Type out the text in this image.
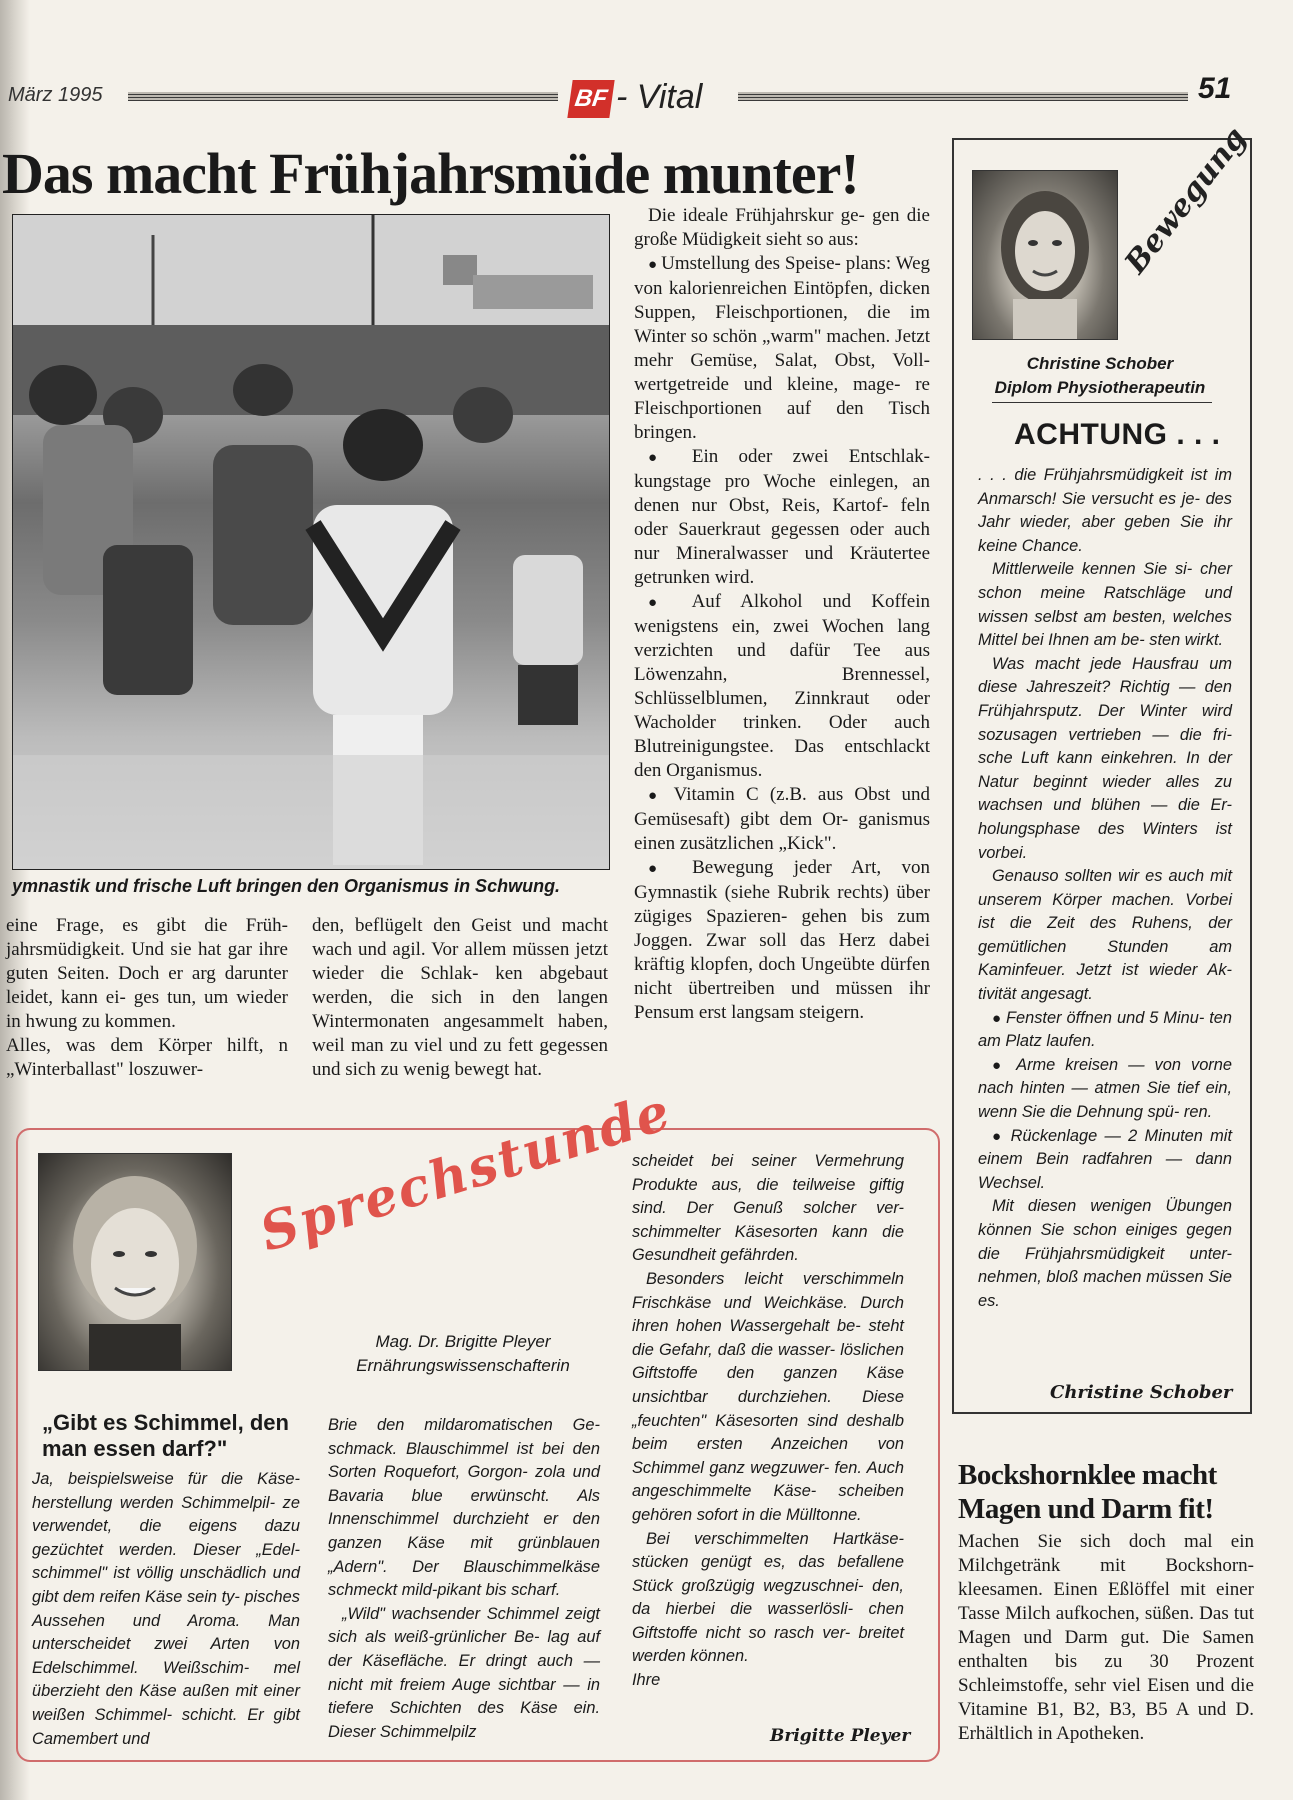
März 1995	BF - Vital	51
Das macht Frühjahrsmüde munter!
ymnastik und frische Luft bringen den Organismus in Schwung.

eine Frage, es gibt die Früh- jahrsmüdigkeit. Und sie hat gar ihre guten Seiten. Doch er arg darunter leidet, kann ei- ges tun, um wieder in hwung zu kommen.

Alles, was dem Körper hilft, n „Winterballast" loszuwer-

den, beflügelt den Geist und macht wach und agil. Vor allem müssen jetzt wieder die Schlak- ken abgebaut werden, die sich in den langen Wintermonaten angesammelt haben, weil man zu viel und zu fett gegessen und sich zu wenig bewegt hat.

Die ideale Frühjahrskur ge- gen die große Müdigkeit sieht so aus:

● Umstellung des Speise- plans: Weg von kalorienreichen Eintöpfen, dicken Suppen, Fleischportionen, die im Winter so schön „warm" machen. Jetzt mehr Gemüse, Salat, Obst, Voll- wertgetreide und kleine, mage- re Fleischportionen auf den Tisch bringen.

● Ein oder zwei Entschlak- kungstage pro Woche einlegen, an denen nur Obst, Reis, Kartof- feln oder Sauerkraut gegessen oder auch nur Mineralwasser und Kräutertee getrunken wird.

● Auf Alkohol und Koffein wenigstens ein, zwei Wochen lang verzichten und dafür Tee aus Löwenzahn, Brennessel, Schlüsselblumen, Zinnkraut oder Wacholder trinken. Oder auch Blutreinigungstee. Das entschlackt den Organismus.

● Vitamin C (z.B. aus Obst und Gemüsesaft) gibt dem Or- ganismus einen zusätzlichen „Kick".

● Bewegung jeder Art, von Gymnastik (siehe Rubrik rechts) über zügiges Spazieren- gehen bis zum Joggen. Zwar soll das Herz dabei kräftig klopfen, doch Ungeübte dürfen nicht übertreiben und müssen ihr Pensum erst langsam steigern.

Bewegung
Christine Schober
Diplom Physiotherapeutin
ACHTUNG . . .

. . . die Frühjahrsmüdigkeit ist im Anmarsch! Sie versucht es je- des Jahr wieder, aber geben Sie ihr keine Chance.

Mittlerweile kennen Sie si- cher schon meine Ratschläge und wissen selbst am besten, welches Mittel bei Ihnen am be- sten wirkt.

Was macht jede Hausfrau um diese Jahreszeit? Richtig — den Frühjahrsputz. Der Winter wird sozusagen vertrieben — die fri- sche Luft kann einkehren. In der Natur beginnt wieder alles zu wachsen und blühen — die Er- holungsphase des Winters ist vorbei.

Genauso sollten wir es auch mit unserem Körper machen. Vorbei ist die Zeit des Ruhens, der gemütlichen Stunden am Kaminfeuer. Jetzt ist wieder Ak- tivität angesagt.

● Fenster öffnen und 5 Minu- ten am Platz laufen.

● Arme kreisen — von vorne nach hinten — atmen Sie tief ein, wenn Sie die Dehnung spü- ren.

● Rückenlage — 2 Minuten mit einem Bein radfahren — dann Wechsel.

Mit diesen wenigen Übungen können Sie schon einiges gegen die Frühjahrsmüdigkeit unter- nehmen, bloß machen müssen Sie es.

Christine Schober
Sprechstunde
Mag. Dr. Brigitte Pleyer
Ernährungswissenschafterin
„Gibt es Schimmel, den man essen darf?"

Ja, beispielsweise für die Käse- herstellung werden Schimmelpil- ze verwendet, die eigens dazu gezüchtet werden. Dieser „Edel- schimmel" ist völlig unschädlich und gibt dem reifen Käse sein ty- pisches Aussehen und Aroma. Man unterscheidet zwei Arten von Edelschimmel. Weißschim- mel überzieht den Käse außen mit einer weißen Schimmel- schicht. Er gibt Camembert und

Brie den mildaromatischen Ge- schmack. Blauschimmel ist bei den Sorten Roquefort, Gorgon- zola und Bavaria blue erwünscht. Als Innenschimmel durchzieht er den ganzen Käse mit grünblauen „Adern". Der Blauschimmelkäse schmeckt mild-pikant bis scharf.

„Wild" wachsender Schimmel zeigt sich als weiß-grünlicher Be- lag auf der Käsefläche. Er dringt auch — nicht mit freiem Auge sichtbar — in tiefere Schichten des Käse ein. Dieser Schimmelpilz

scheidet bei seiner Vermehrung Produkte aus, die teilweise giftig sind. Der Genuß solcher ver- schimmelter Käsesorten kann die Gesundheit gefährden.

Besonders leicht verschimmeln Frischkäse und Weichkäse. Durch ihren hohen Wassergehalt be- steht die Gefahr, daß die wasser- löslichen Giftstoffe den ganzen Käse unsichtbar durchziehen. Diese „feuchten" Käsesorten sind deshalb beim ersten Anzeichen von Schimmel ganz wegzuwer- fen. Auch angeschimmelte Käse- scheiben gehören sofort in die Mülltonne.

Bei verschimmelten Hartkäse- stücken genügt es, das befallene Stück großzügig wegzuschnei- den, da hierbei die wasserlösli- chen Giftstoffe nicht so rasch ver- breitet werden können.

Ihre

Brigitte Pleyer
Bockshornklee macht Magen und Darm fit!
Machen Sie sich doch mal ein Milchgetränk mit Bockshorn- kleesamen. Einen Eßlöffel mit einer Tasse Milch aufkochen, süßen. Das tut Magen und Darm gut. Die Samen enthalten bis zu 30 Prozent Schleimstoffe, sehr viel Eisen und die Vitamine B1, B2, B3, B5 A und D. Erhältlich in Apotheken.
